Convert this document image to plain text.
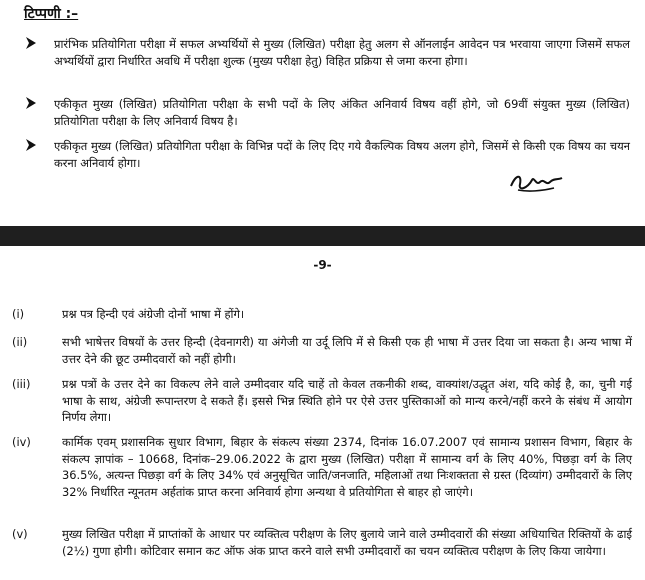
टिप्पणी :–
प्रारंभिक प्रतियोगिता परीक्षा में सफल अभ्यर्थियों से मुख्य (लिखित) परीक्षा हेतु अलग से ऑनलाईन आवेदन पत्र भरवाया जाएगा जिसमें सफल अभ्यर्थियों द्वारा निर्धारित अवधि में परीक्षा शुल्क (मुख्य परीक्षा हेतु) विहित प्रक्रिया से जमा करना होगा।
एकीकृत मुख्य (लिखित) प्रतियोगिता परीक्षा के सभी पदों के लिए अंकित अनिवार्य विषय वहीं होगे, जो 69वीं संयुक्त मुख्य (लिखित) प्रतियोगिता परीक्षा के लिए अनिवार्य विषय है।
एकीकृत मुख्य (लिखित) प्रतियोगिता परीक्षा के विभिन्न पदों के लिए दिए गये वैकल्पिक विषय अलग होगे, जिसमें से किसी एक विषय का चयन करना अनिवार्य होगा।
-9-
(i)	प्रश्न पत्र हिन्दी एवं अंग्रेजी दोनों भाषा में होंगे।
(ii)	सभी भाषेत्तर विषयों के उत्तर हिन्दी (देवनागरी) या अंगेजी या उर्दू लिपि में से किसी एक ही भाषा में उत्तर दिया जा सकता है। अन्य भाषा में उत्तर देने की छूट उम्मीदवारों को नहीं होगी।
(iii)	प्रश्न पत्रों के उत्तर देने का विकल्प लेने वाले उम्मीदवार यदि चाहें तो केवल तकनीकी शब्द, वाक्यांश/उद्धृत अंश, यदि कोई है, का, चुनी गई भाषा के साथ, अंग्रेजी रूपान्तरण दे सकते हैं। इससे भिन्न स्थिति होने पर ऐसे उत्तर पुस्तिकाओं को मान्य करने/नहीं करने के संबंध में आयोग निर्णय लेगा।
(iv)	कार्मिक एवम् प्रशासनिक सुधार विभाग, बिहार के संकल्प संख्या 2374, दिनांक 16.07.2007 एवं सामान्य प्रशासन विभाग, बिहार के संकल्प ज्ञापांक – 10668, दिनांक–29.06.2022 के द्वारा मुख्य (लिखित) परीक्षा में सामान्य वर्ग के लिए 40%, पिछड़ा वर्ग के लिए 36.5%, अत्यन्त पिछड़ा वर्ग के लिए 34% एवं अनुसूचित जाति/जनजाति, महिलाओं तथा निःशक्तता से ग्रस्त (दिव्यांग) उम्मीदवारों के लिए 32% निर्धारित न्यूनतम अर्हतांक प्राप्त करना अनिवार्य होगा अन्यथा वे प्रतियोगिता से बाहर हो जाएंगे।
(v)	मुख्य लिखित परीक्षा में प्राप्तांकों के आधार पर व्यक्तित्व परीक्षण के लिए बुलाये जाने वाले उम्मीदवारों की संख्या अधियाचित रिक्तियों के ढाई (2½) गुणा होगी। कोटिवार समान कट ऑफ अंक प्राप्त करने वाले सभी उम्मीदवारों का चयन व्यक्तित्व परीक्षण के लिए किया जायेगा।
